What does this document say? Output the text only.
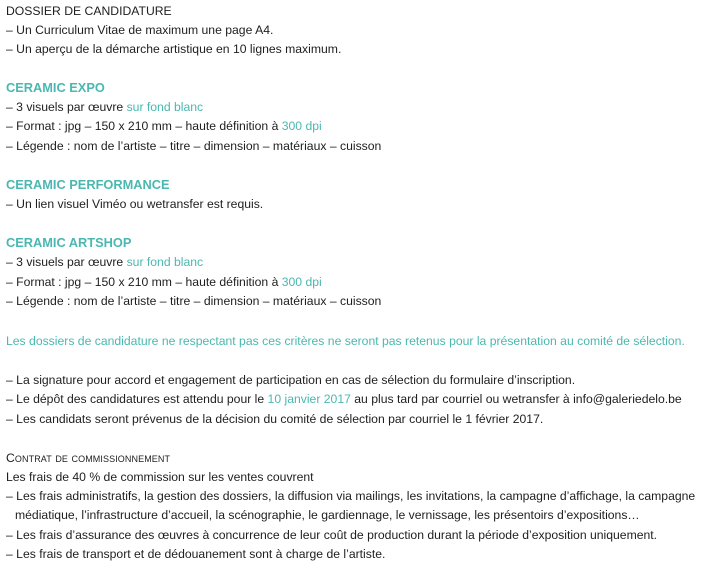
DOSSIER DE CANDIDATURE
– Un Curriculum Vitae de maximum une page A4.
– Un aperçu de la démarche artistique en 10 lignes maximum.
CERAMIC EXPO
– 3 visuels par œuvre sur fond blanc
– Format : jpg – 150 x 210 mm – haute définition à 300 dpi
– Légende : nom de l’artiste – titre – dimension – matériaux – cuisson
CERAMIC PERFORMANCE
– Un lien visuel Viméo ou wetransfer est requis.
CERAMIC ARTSHOP
– 3 visuels par œuvre sur fond blanc
– Format : jpg – 150 x 210 mm – haute définition à 300 dpi
– Légende : nom de l’artiste – titre – dimension – matériaux – cuisson
Les dossiers de candidature ne respectant pas ces critères ne seront pas retenus pour la présentation au comité de sélection.
– La signature pour accord et engagement de participation en cas de sélection du formulaire d’inscription.
– Le dépôt des candidatures est attendu pour le 10 janvier 2017 au plus tard par courriel ou wetransfer à info@galeriedelo.be
– Les candidats seront prévenus de la décision du comité de sélection par courriel le 1 février 2017.
Contrat de commissionnement
Les frais de 40 % de commission sur les ventes couvrent
– Les frais administratifs, la gestion des dossiers, la diffusion via mailings, les invitations, la campagne d’affichage, la campagne
médiatique, l’infrastructure d’accueil, la scénographie, le gardiennage, le vernissage, les présentoirs d’expositions…
– Les frais d’assurance des œuvres à concurrence de leur coût de production durant la période d’exposition uniquement.
– Les frais de transport et de dédouanement sont à charge de l’artiste.
